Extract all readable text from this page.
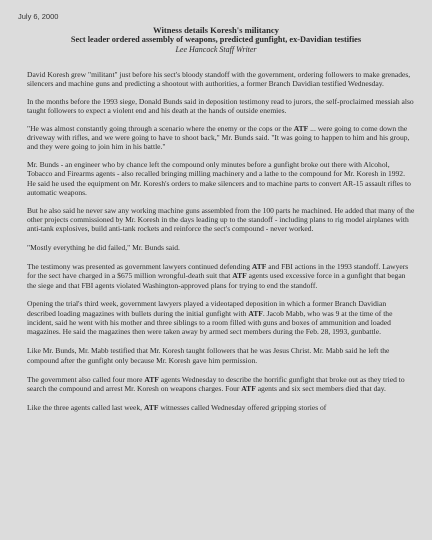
July 6, 2000
Witness details Koresh's militancy
Sect leader ordered assembly of weapons, predicted gunfight, ex-Davidian testifies
Lee Hancock Staff Writer

David Koresh grew "militant" just before his sect's bloody standoff with the government, ordering followers to make grenades, silencers and machine guns and predicting a shootout with authorities, a former Branch Davidian testified Wednesday.

In the months before the 1993 siege, Donald Bunds said in deposition testimony read to jurors, the self-proclaimed messiah also taught followers to expect a violent end and his death at the hands of outside enemies.

"He was almost constantly going through a scenario where the enemy or the cops or the ATF ... were going to come down the driveway with rifles, and we were going to have to shoot back," Mr. Bunds said. "It was going to happen to him and his group, and they were going to join him in his battle."

Mr. Bunds - an engineer who by chance left the compound only minutes before a gunfight broke out there with Alcohol, Tobacco and Firearms agents - also recalled bringing milling machinery and a lathe to the compound for Mr. Koresh in 1992. He said he used the equipment on Mr. Koresh's orders to make silencers and to machine parts to convert AR-15 assault rifles to automatic weapons.

But he also said he never saw any working machine guns assembled from the 100 parts he machined. He added that many of the other projects commissioned by Mr. Koresh in the days leading up to the standoff - including plans to rig model airplanes with anti-tank explosives, build anti-tank rockets and reinforce the sect's compound - never worked.

"Mostly everything he did failed," Mr. Bunds said.

The testimony was presented as government lawyers continued defending ATF and FBI actions in the 1993 standoff. Lawyers for the sect have charged in a $675 million wrongful-death suit that ATF agents used excessive force in a gunfight that began the siege and that FBI agents violated Washington-approved plans for trying to end the standoff.

Opening the trial's third week, government lawyers played a videotaped deposition in which a former Branch Davidian described loading magazines with bullets during the initial gunfight with ATF. Jacob Mabb, who was 9 at the time of the incident, said he went with his mother and three siblings to a room filled with guns and boxes of ammunition and loaded magazines. He said the magazines then were taken away by armed sect members during the Feb. 28, 1993, gunbattle.

Like Mr. Bunds, Mr. Mabb testified that Mr. Koresh taught followers that he was Jesus Christ. Mr. Mabb said he left the compound after the gunfight only because Mr. Koresh gave him permission.

The government also called four more ATF agents Wednesday to describe the horrific gunfight that broke out as they tried to search the compound and arrest Mr. Koresh on weapons charges. Four ATF agents and six sect members died that day.

Like the three agents called last week, ATF witnesses called Wednesday offered gripping stories of
